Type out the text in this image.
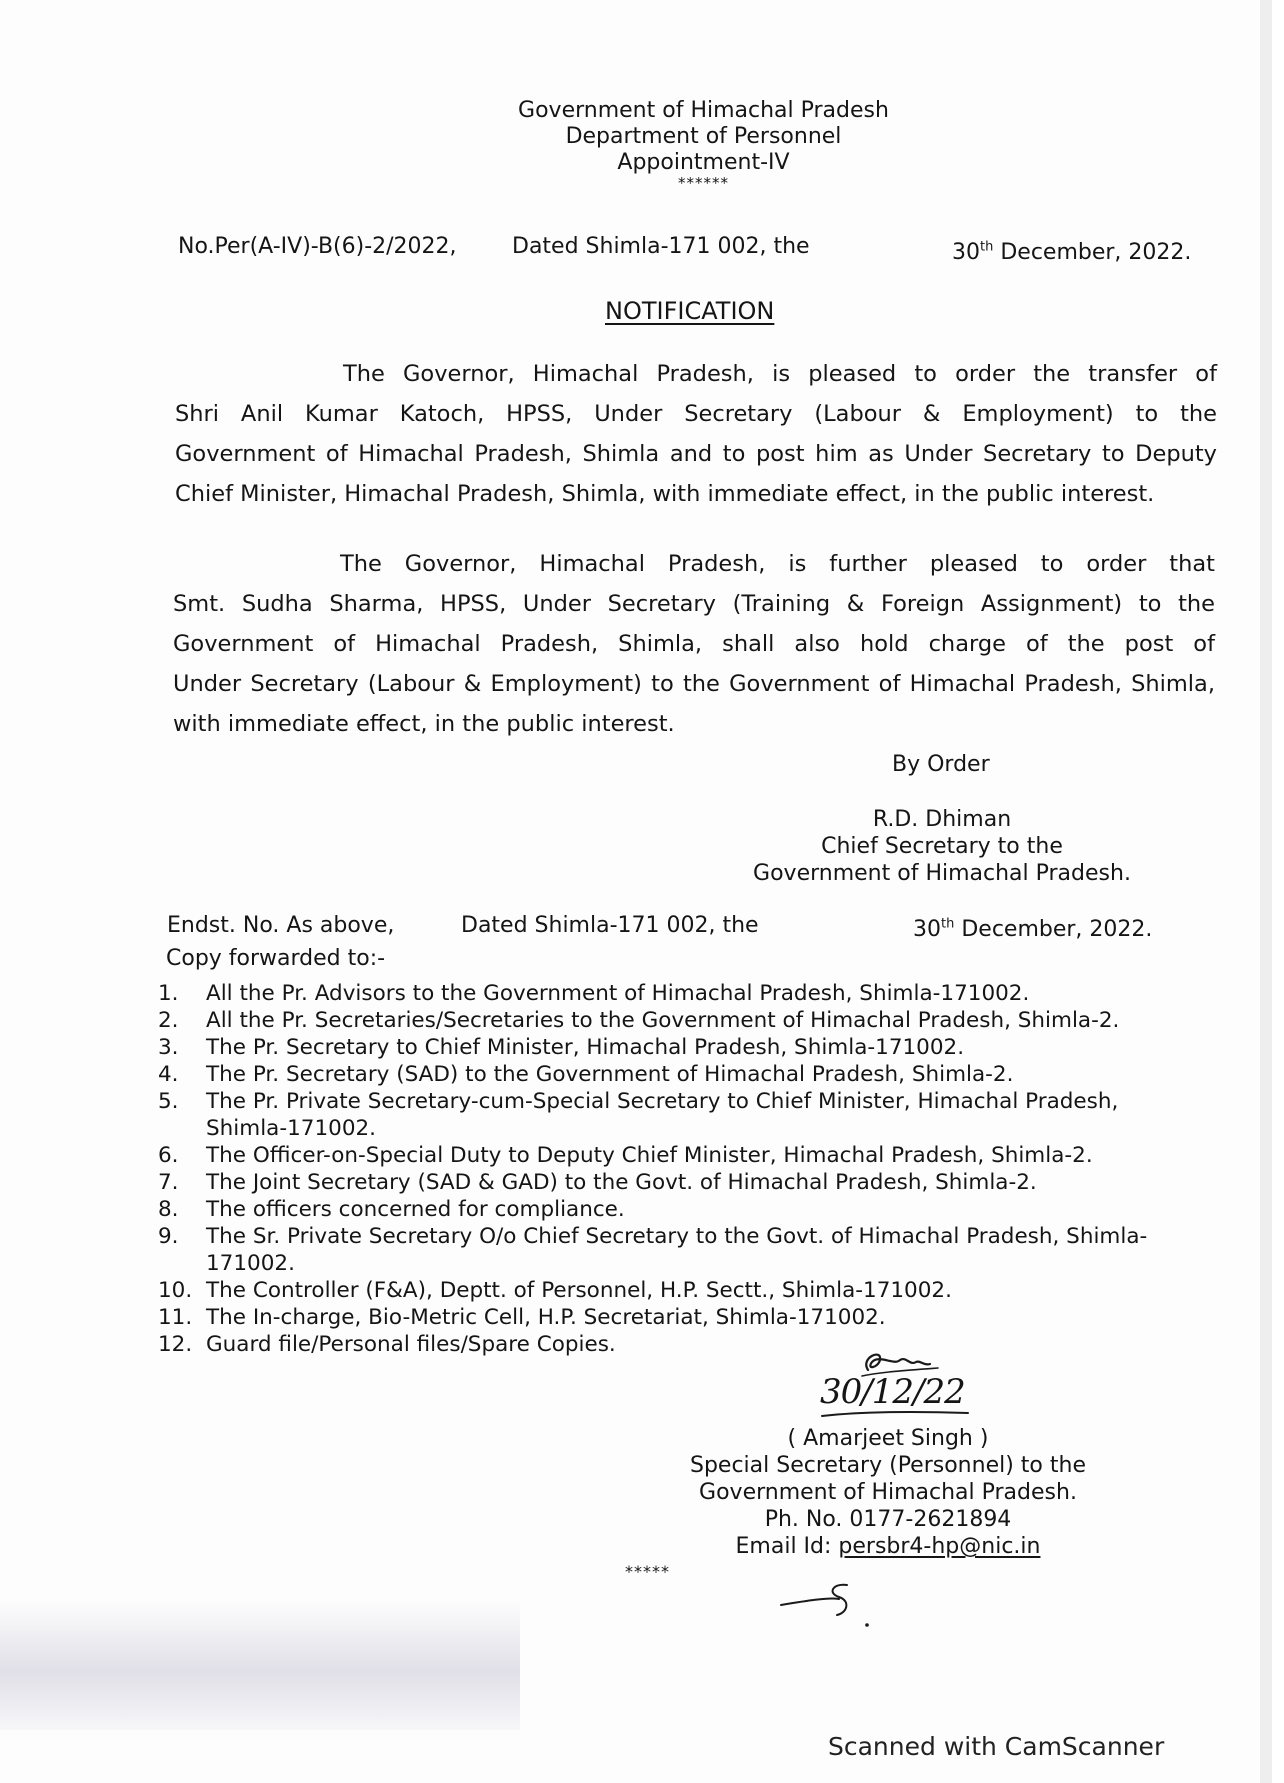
Government of Himachal Pradesh
Department of Personnel
Appointment-IV
******
No.Per(A-IV)-B(6)-2/2022,	Dated Shimla-171 002, the	30th December, 2022.
NOTIFICATION
The Governor, Himachal Pradesh, is pleased to order the transfer of
Shri Anil Kumar Katoch, HPSS, Under Secretary (Labour & Employment) to the
Government of Himachal Pradesh, Shimla and to post him as Under Secretary to Deputy
Chief Minister, Himachal Pradesh, Shimla, with immediate effect, in the public interest.
The Governor, Himachal Pradesh, is further pleased to order that
Smt. Sudha Sharma, HPSS, Under Secretary (Training & Foreign Assignment) to the
Government of Himachal Pradesh, Shimla, shall also hold charge of the post of
Under Secretary (Labour & Employment) to the Government of Himachal Pradesh, Shimla,
with immediate effect, in the public interest.
By Order
R.D. Dhiman
Chief Secretary to the
Government of Himachal Pradesh.
Endst. No. As above,	Dated Shimla-171 002, the	30th December, 2022.
Copy forwarded to:-
1. All the Pr. Advisors to the Government of Himachal Pradesh, Shimla-171002.
2. All the Pr. Secretaries/Secretaries to the Government of Himachal Pradesh, Shimla-2.
3. The Pr. Secretary to Chief Minister, Himachal Pradesh, Shimla-171002.
4. The Pr. Secretary (SAD) to the Government of Himachal Pradesh, Shimla-2.
5. The Pr. Private Secretary-cum-Special Secretary to Chief Minister, Himachal Pradesh, Shimla-171002.
6. The Officer-on-Special Duty to Deputy Chief Minister, Himachal Pradesh, Shimla-2.
7. The Joint Secretary (SAD & GAD) to the Govt. of Himachal Pradesh, Shimla-2.
8. The officers concerned for compliance.
9. The Sr. Private Secretary O/o Chief Secretary to the Govt. of Himachal Pradesh, Shimla-171002.
10. The Controller (F&A), Deptt. of Personnel, H.P. Sectt., Shimla-171002.
11. The In-charge, Bio-Metric Cell, H.P. Secretariat, Shimla-171002.
12. Guard file/Personal files/Spare Copies.
30/12/22
( Amarjeet Singh )
Special Secretary (Personnel) to the
Government of Himachal Pradesh.
Ph. No. 0177-2621894
Email Id: persbr4-hp@nic.in
*****
Scanned with CamScanner
